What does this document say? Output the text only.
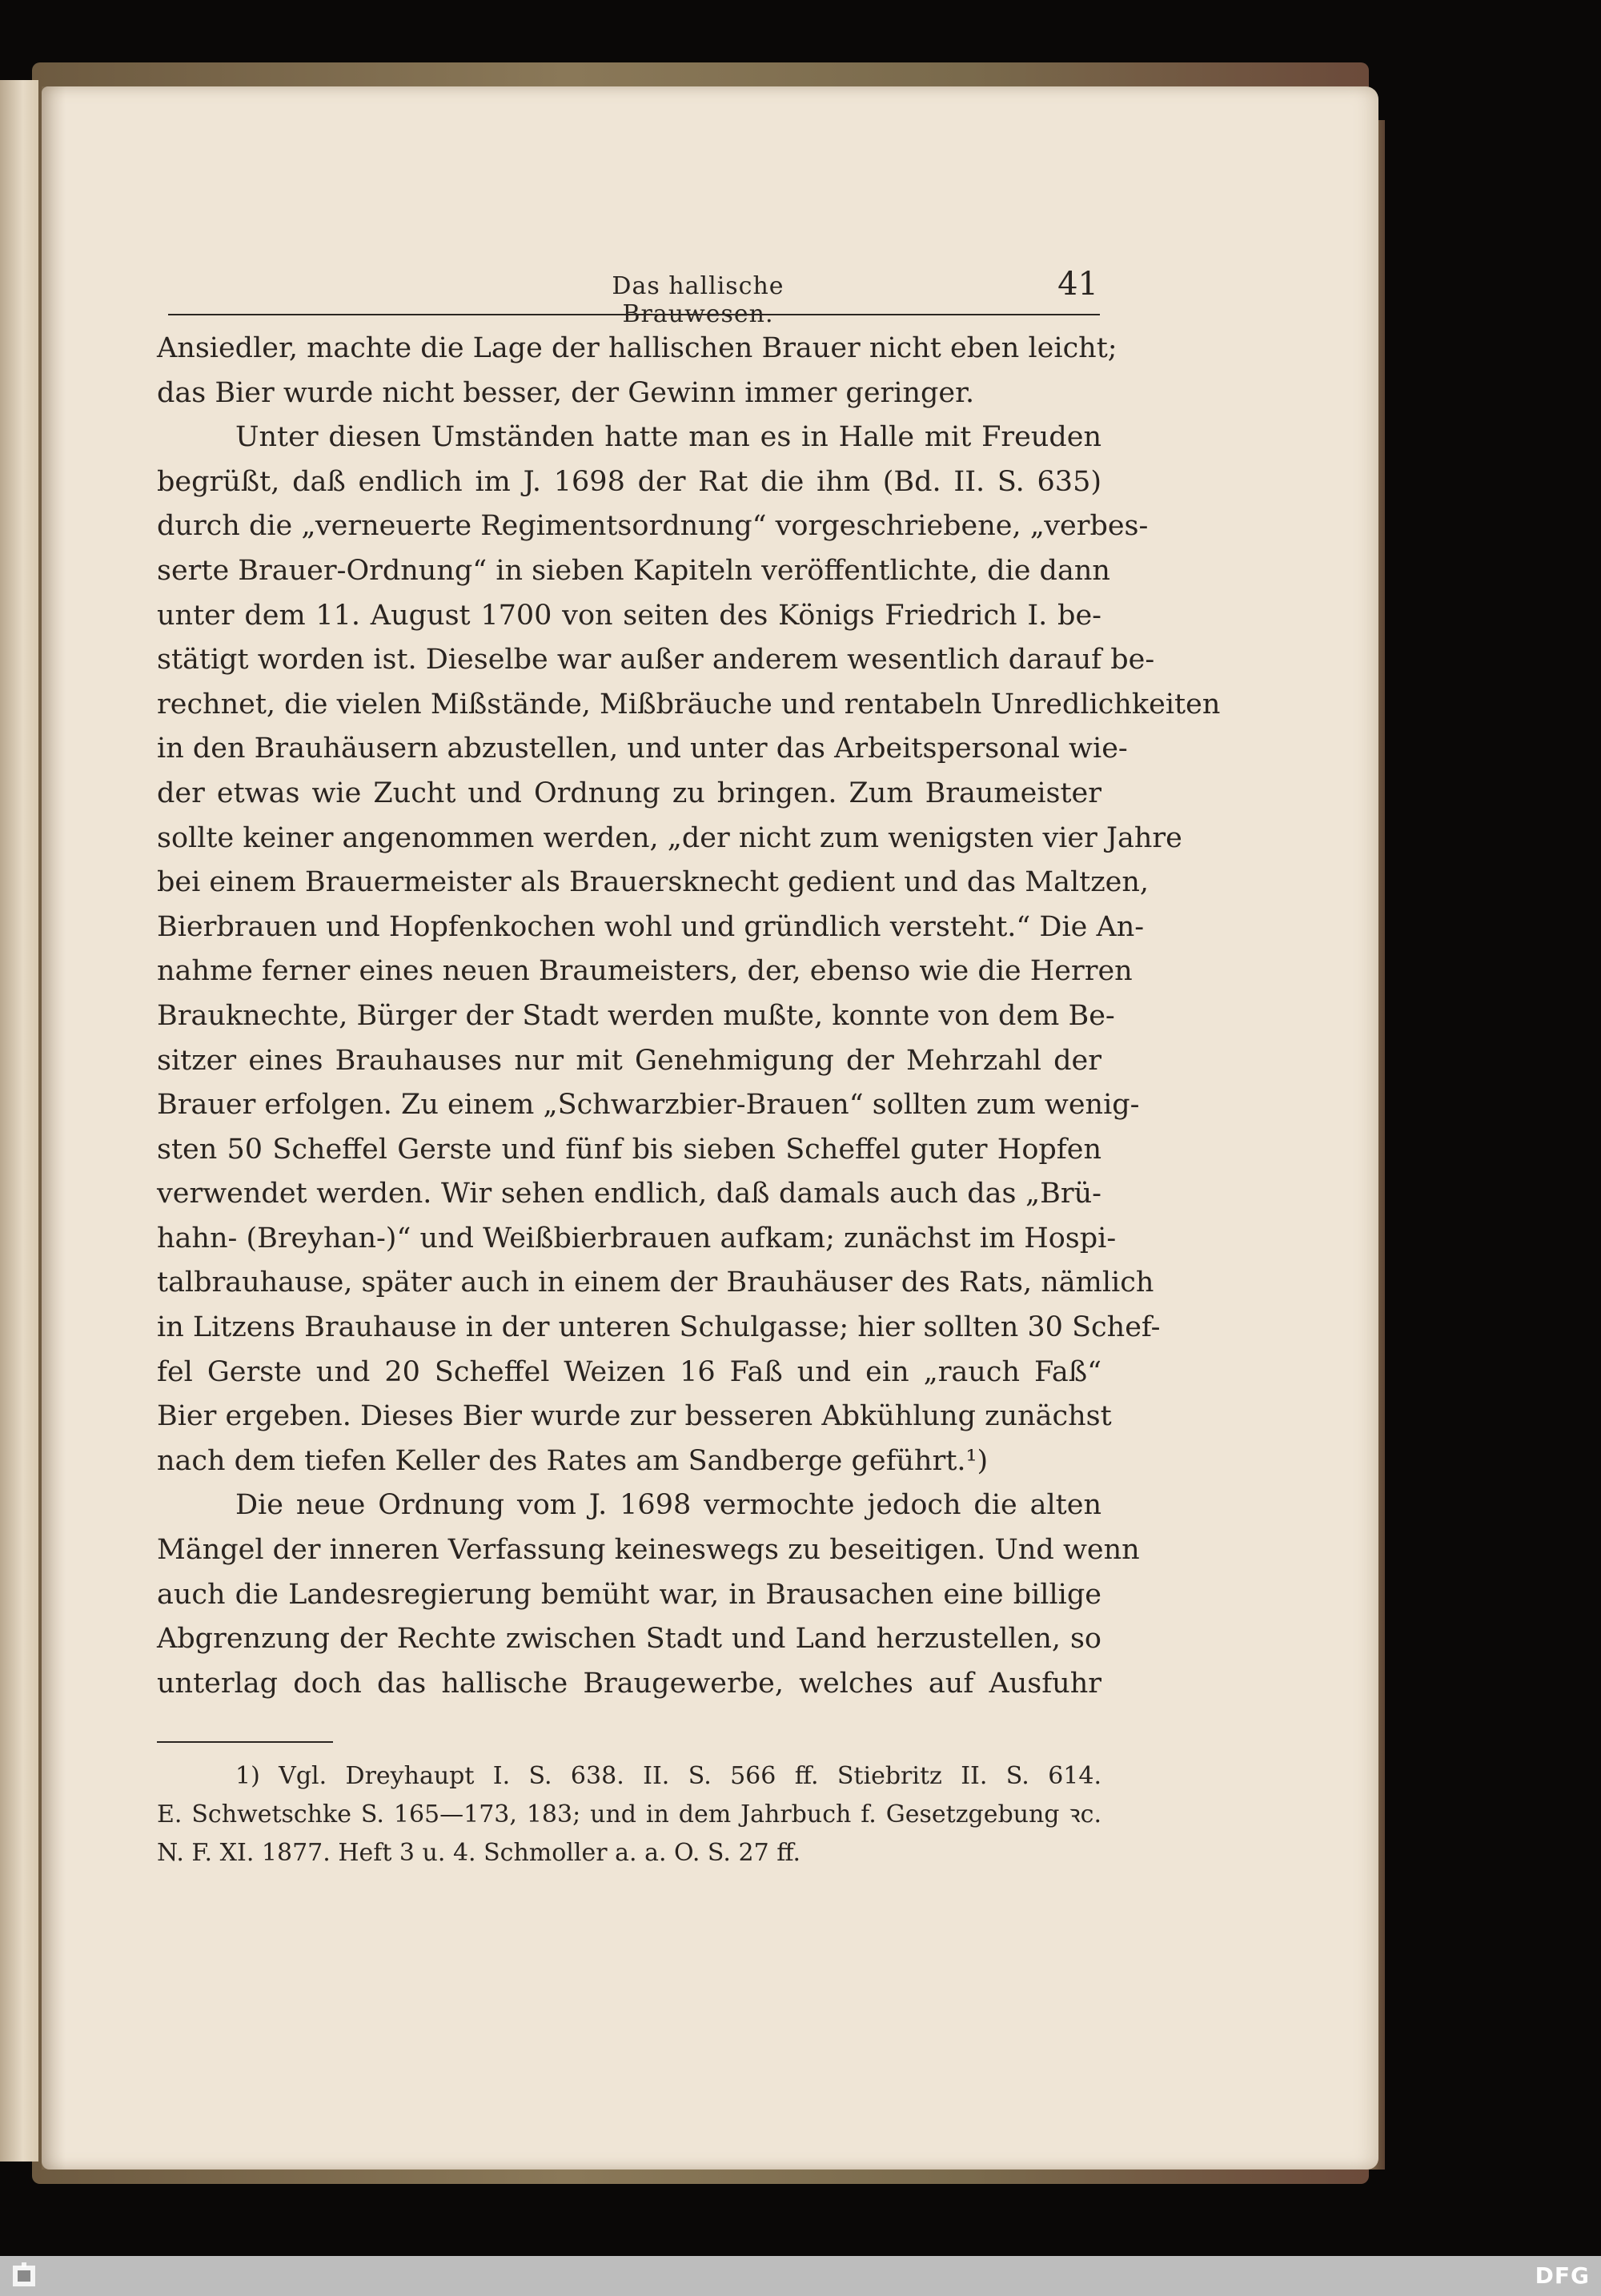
Das hallische Brauwesen.
41
Ansiedler, machte die Lage der hallischen Brauer nicht eben leicht;
das Bier wurde nicht besser, der Gewinn immer geringer.
Unter diesen Umständen hatte man es in Halle mit Freuden
begrüßt, daß endlich im J. 1698 der Rat die ihm (Bd. II. S. 635)
durch die „verneuerte Regimentsordnung“ vorgeschriebene, „verbes-
serte Brauer-Ordnung“ in sieben Kapiteln veröffentlichte, die dann
unter dem 11. August 1700 von seiten des Königs Friedrich I. be-
stätigt worden ist. Dieselbe war außer anderem wesentlich darauf be-
rechnet, die vielen Mißstände, Mißbräuche und rentabeln Unredlichkeiten
in den Brauhäusern abzustellen, und unter das Arbeitspersonal wie-
der etwas wie Zucht und Ordnung zu bringen. Zum Braumeister
sollte keiner angenommen werden, „der nicht zum wenigsten vier Jahre
bei einem Brauermeister als Brauersknecht gedient und das Maltzen,
Bierbrauen und Hopfenkochen wohl und gründlich versteht.“ Die An-
nahme ferner eines neuen Braumeisters, der, ebenso wie die Herren
Brauknechte, Bürger der Stadt werden mußte, konnte von dem Be-
sitzer eines Brauhauses nur mit Genehmigung der Mehrzahl der
Brauer erfolgen. Zu einem „Schwarzbier-Brauen“ sollten zum wenig-
sten 50 Scheffel Gerste und fünf bis sieben Scheffel guter Hopfen
verwendet werden. Wir sehen endlich, daß damals auch das „Brü-
hahn- (Breyhan-)“ und Weißbierbrauen aufkam; zunächst im Hospi-
talbrauhause, später auch in einem der Brauhäuser des Rats, nämlich
in Litzens Brauhause in der unteren Schulgasse; hier sollten 30 Schef-
fel Gerste und 20 Scheffel Weizen 16 Faß und ein „rauch Faß“
Bier ergeben. Dieses Bier wurde zur besseren Abkühlung zunächst
nach dem tiefen Keller des Rates am Sandberge geführt.¹)
Die neue Ordnung vom J. 1698 vermochte jedoch die alten
Mängel der inneren Verfassung keineswegs zu beseitigen. Und wenn
auch die Landesregierung bemüht war, in Brausachen eine billige
Abgrenzung der Rechte zwischen Stadt und Land herzustellen, so
unterlag doch das hallische Braugewerbe, welches auf Ausfuhr
1) Vgl. Dreyhaupt I. S. 638. II. S. 566 ff. Stiebritz II. S. 614.
E. Schwetschke S. 165—173, 183; und in dem Jahrbuch f. Gesetzgebung ꝛc.
N. F. XI. 1877. Heft 3 u. 4. Schmoller a. a. O. S. 27 ff.
DFG
